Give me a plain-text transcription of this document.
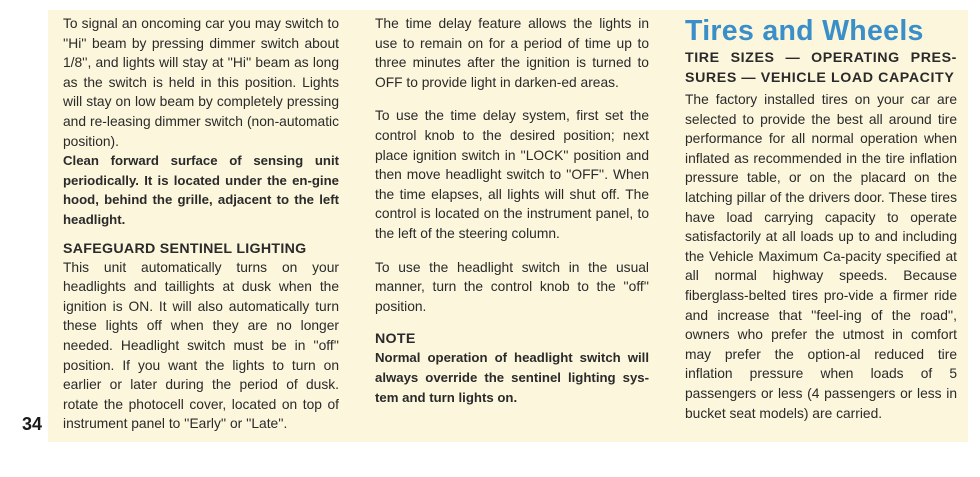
To signal an oncoming car you may switch to ''Hi'' beam by pressing dimmer switch about 1/8'', and lights will stay at ''Hi'' beam as long as the switch is held in this position. Lights will stay on low beam by completely pressing and re-leasing dimmer switch (non-automatic position).

Clean forward surface of sensing unit periodically. It is located under the en-gine hood, behind the grille, adjacent to the left headlight.

SAFEGUARD SENTINEL LIGHTING

This unit automatically turns on your headlights and taillights at dusk when the ignition is ON. It will also automatically turn these lights off when they are no longer needed. Headlight switch must be in ''off'' position. If you want the lights to turn on earlier or later during the period of dusk. rotate the photocell cover, located on top of instrument panel to ''Early'' or ''Late''.

The time delay feature allows the lights in use to remain on for a period of time up to three minutes after the ignition is turned to OFF to provide light in darken-ed areas.

To use the time delay system, first set the control knob to the desired position; next place ignition switch in ''LOCK'' position and then move headlight switch to ''OFF''. When the time elapses, all lights will shut off. The control is located on the instrument panel, to the left of the steering column.

To use the headlight switch in the usual manner, turn the control knob to the ''off'' position.

NOTE

Normal operation of headlight switch will always override the sentinel lighting sys-tem and turn lights on.

Tires and Wheels

TIRE SIZES — OPERATING PRES-SURES — VEHICLE LOAD CAPACITY

The factory installed tires on your car are selected to provide the best all around tire performance for all normal operation when inflated as recommended in the tire inflation pressure table, or on the placard on the latching pillar of the drivers door. These tires have load carrying capacity to operate satisfactorily at all loads up to and including the Vehicle Maximum Ca-pacity specified at all normal highway speeds. Because fiberglass-belted tires pro-vide a firmer ride and increase that ''feel-ing of the road'', owners who prefer the utmost in comfort may prefer the option-al reduced tire inflation pressure when loads of 5 passengers or less (4 passengers or less in bucket seat models) are carried.

34
